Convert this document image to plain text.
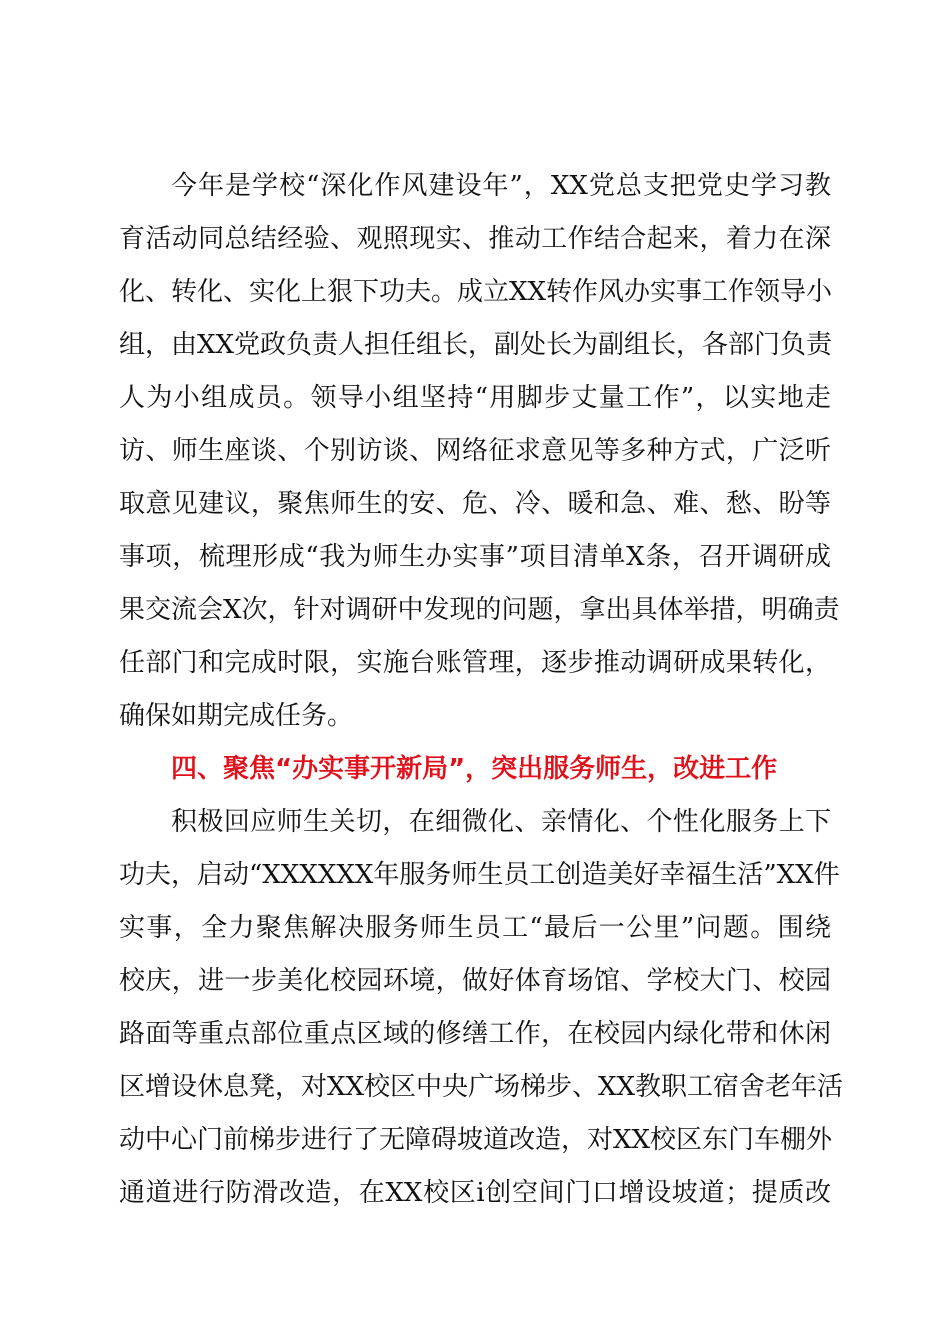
今年是学校“深化作风建设年”，XX党总支把党史学习教
育活动同总结经验、观照现实、推动工作结合起来，着力在深
化、转化、实化上狠下功夫。成立XX转作风办实事工作领导小
组，由XX党政负责人担任组长，副处长为副组长，各部门负责
人为小组成员。领导小组坚持“用脚步丈量工作”，以实地走
访、师生座谈、个别访谈、网络征求意见等多种方式，广泛听
取意见建议，聚焦师生的安、危、冷、暖和急、难、愁、盼等
事项，梳理形成“我为师生办实事”项目清单X条，召开调研成
果交流会X次，针对调研中发现的问题，拿出具体举措，明确责
任部门和完成时限，实施台账管理，逐步推动调研成果转化，
确保如期完成任务。
四、聚焦“办实事开新局”，突出服务师生，改进工作
积极回应师生关切，在细微化、亲情化、个性化服务上下
功夫，启动“XXXXXX年服务师生员工创造美好幸福生活”XX件
实事，全力聚焦解决服务师生员工“最后一公里”问题。围绕
校庆，进一步美化校园环境，做好体育场馆、学校大门、校园
路面等重点部位重点区域的修缮工作，在校园内绿化带和休闲
区增设休息凳，对XX校区中央广场梯步、XX教职工宿舍老年活
动中心门前梯步进行了无障碍坡道改造，对XX校区东门车棚外
通道进行防滑改造，在XX校区i创空间门口增设坡道；提质改
